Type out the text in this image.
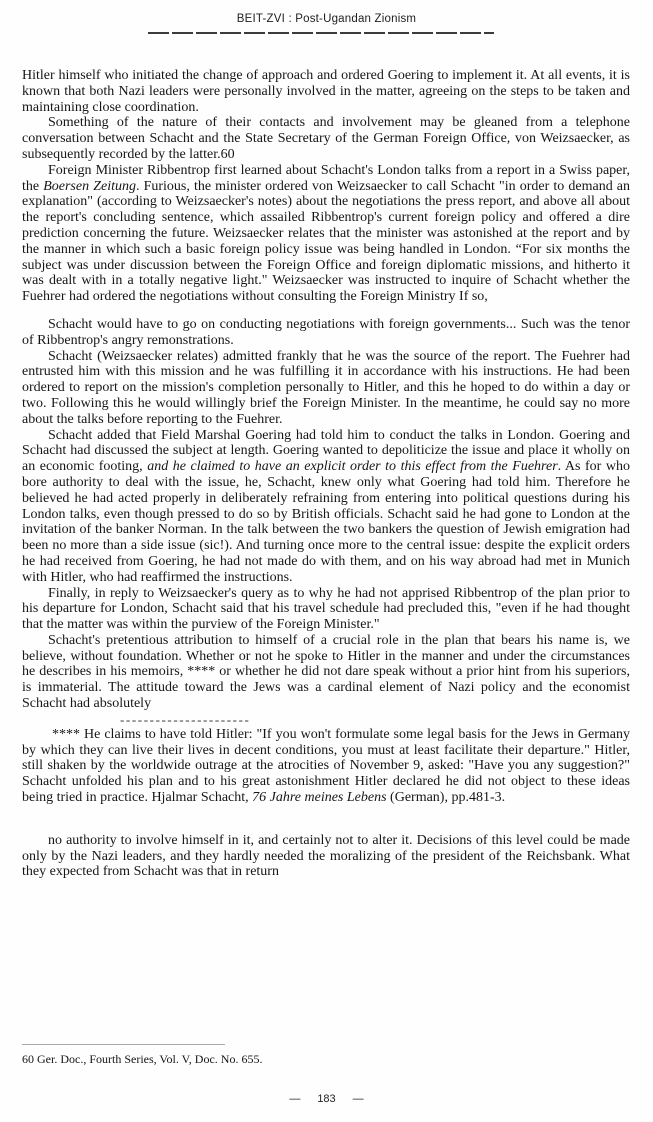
BEIT-ZVI : Post-Ugandan Zionism

Hitler himself who initiated the change of approach and ordered Goering to implement it. At all events, it is known that both Nazi leaders were personally involved in the matter, agreeing on the steps to be taken and maintaining close coordination.

Something of the nature of their contacts and involvement may be gleaned from a telephone conversation between Schacht and the State Secretary of the German Foreign Office, von Weizsaecker, as subsequently recorded by the latter.60

Foreign Minister Ribbentrop first learned about Schacht's London talks from a report in a Swiss paper, the Boersen Zeitung. Furious, the minister ordered von Weizsaecker to call Schacht "in order to demand an explanation" (according to Weizsaecker's notes) about the negotiations the press report, and above all about the report's concluding sentence, which assailed Ribbentrop's current foreign policy and offered a dire prediction concerning the future. Weizsaecker relates that the minister was astonished at the report and by the manner in which such a basic foreign policy issue was being handled in London. “For six months the subject was under discussion between the Foreign Office and foreign diplomatic missions, and hitherto it was dealt with in a totally negative light." Weizsaecker was instructed to inquire of Schacht whether the Fuehrer had ordered the negotiations without consulting the Foreign Ministry If so,

Schacht would have to go on conducting negotiations with foreign governments... Such was the tenor of Ribbentrop's angry remonstrations.

Schacht (Weizsaecker relates) admitted frankly that he was the source of the report. The Fuehrer had entrusted him with this mission and he was fulfilling it in accordance with his instructions. He had been ordered to report on the mission's completion personally to Hitler, and this he hoped to do within a day or two. Following this he would willingly brief the Foreign Minister. In the meantime, he could say no more about the talks before reporting to the Fuehrer.

Schacht added that Field Marshal Goering had told him to conduct the talks in London. Goering and Schacht had discussed the subject at length. Goering wanted to depoliticize the issue and place it wholly on an economic footing, and he claimed to have an explicit order to this effect from the Fuehrer. As for who bore authority to deal with the issue, he, Schacht, knew only what Goering had told him. Therefore he believed he had acted properly in deliberately refraining from entering into political questions during his London talks, even though pressed to do so by British officials. Schacht said he had gone to London at the invitation of the banker Norman. In the talk between the two bankers the question of Jewish emigration had been no more than a side issue (sic!). And turning once more to the central issue: despite the explicit orders he had received from Goering, he had not made do with them, and on his way abroad had met in Munich with Hitler, who had reaffirmed the instructions.

Finally, in reply to Weizsaecker's query as to why he had not apprised Ribbentrop of the plan prior to his departure for London, Schacht said that his travel schedule had precluded this, "even if he had thought that the matter was within the purview of the Foreign Minister."

Schacht's pretentious attribution to himself of a crucial role in the plan that bears his name is, we believe, without foundation. Whether or not he spoke to Hitler in the manner and under the circumstances he describes in his memoirs, **** or whether he did not dare speak without a prior hint from his superiors, is immaterial. The attitude toward the Jews was a cardinal element of Nazi policy and the economist Schacht had absolutely

----------------------

**** He claims to have told Hitler: "If you won't formulate some legal basis for the Jews in Germany by which they can live their lives in decent conditions, you must at least facilitate their departure." Hitler, still shaken by the worldwide outrage at the atrocities of November 9, asked: "Have you any suggestion?" Schacht unfolded his plan and to his great astonishment Hitler declared he did not object to these ideas being tried in practice. Hjalmar Schacht, 76 Jahre meines Lebens (German), pp.481-3.

no authority to involve himself in it, and certainly not to alter it. Decisions of this level could be made only by the Nazi leaders, and they hardly needed the moralizing of the president of the Reichsbank. What they expected from Schacht was that in return

60 Ger. Doc., Fourth Series, Vol. V, Doc. No. 655.
— 183 —
